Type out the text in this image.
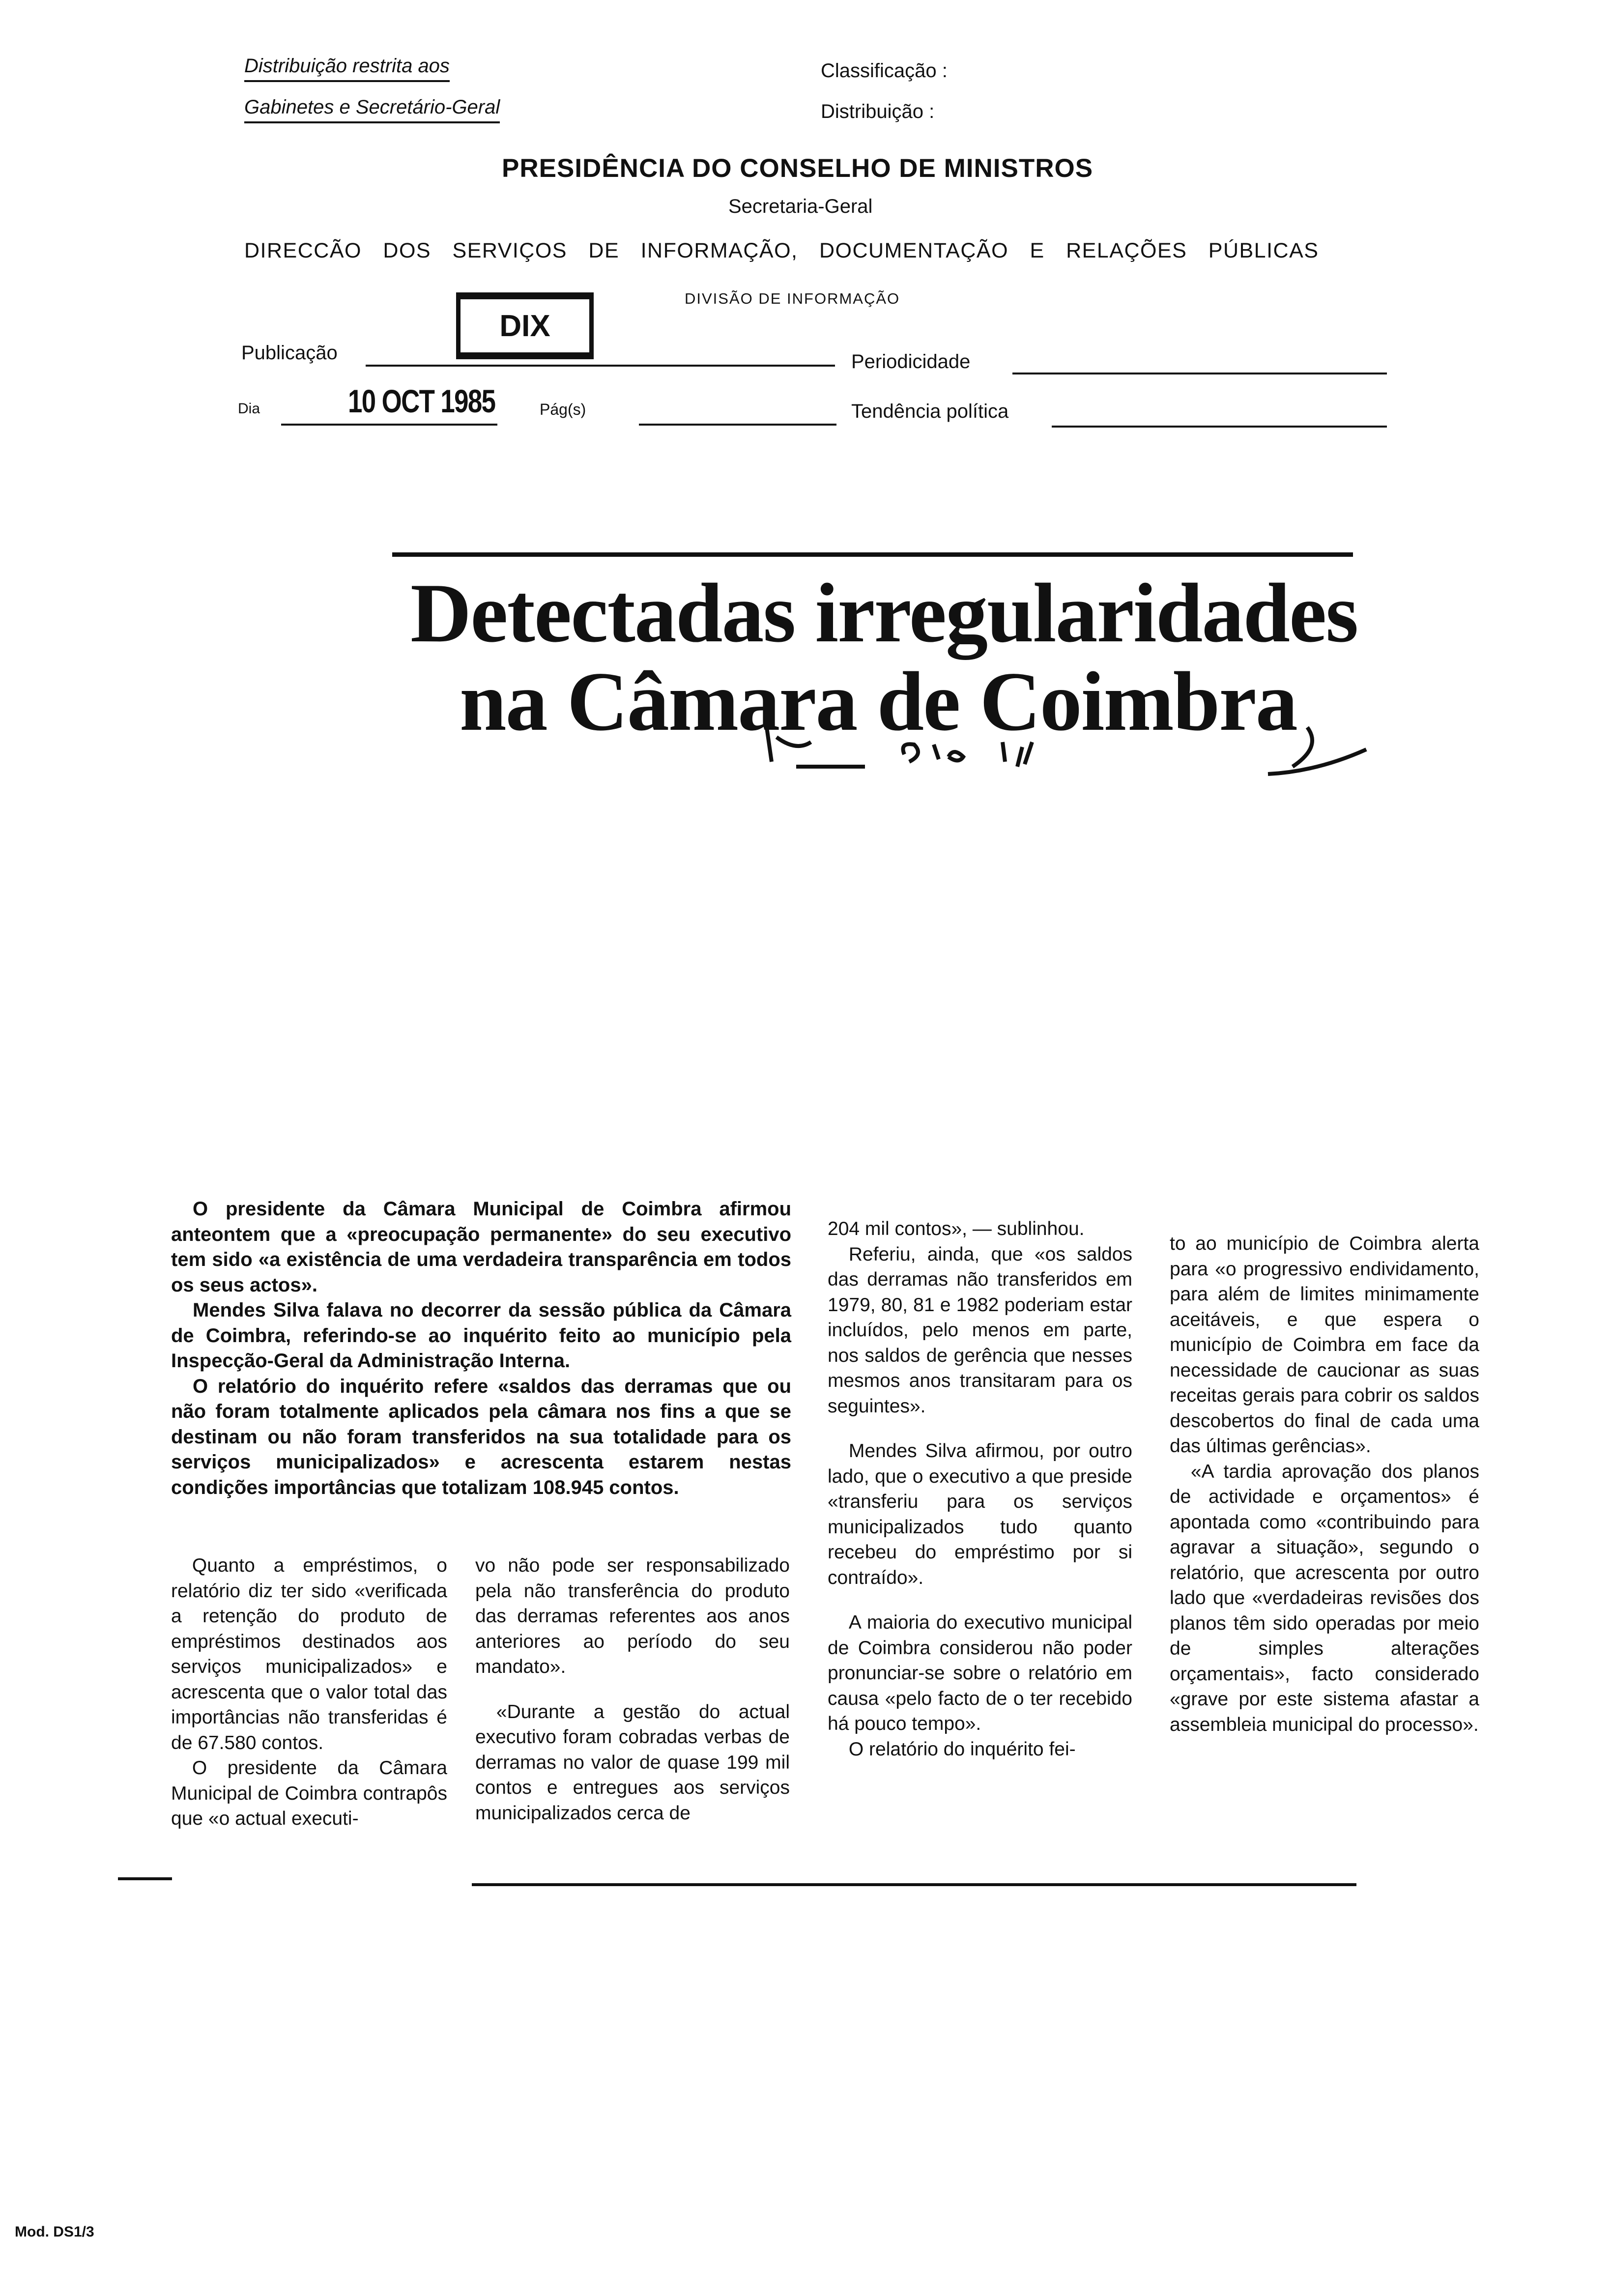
Distribuição restrita aos
Gabinetes e Secretário-Geral
Classificação :
Distribuição :
PRESIDÊNCIA DO CONSELHO DE MINISTROS
Secretaria-Geral
DIRECCÃO DOS SERVIÇOS DE INFORMAÇÃO, DOCUMENTAÇÃO E RELAÇÕES PÚBLICAS
DIX
DIVISÃO DE INFORMAÇÃO
Publicação	Periodicidade
Dia	10 OCT 1985	Pág(s)	Tendência política
Detectadas irregularidades
na Câmara de Coimbra

O presidente da Câmara Municipal de Coimbra afirmou anteontem que a «preocupação permanente» do seu executivo tem sido «a existência de uma verdadeira transparência em todos os seus actos».

Mendes Silva falava no decorrer da sessão pública da Câmara de Coimbra, referindo-se ao inquérito feito ao município pela Inspecção-Geral da Administração Interna.

O relatório do inquérito refere «saldos das derramas que ou não foram totalmente aplicados pela câmara nos fins a que se destinam ou não foram transferidos na sua totalidade para os serviços municipalizados» e acrescenta estarem nestas condições importâncias que totalizam 108.945 contos.

Quanto a empréstimos, o relatório diz ter sido «verificada a retenção do produto de empréstimos destinados aos serviços municipalizados» e acrescenta que o valor total das importâncias não transferidas é de 67.580 contos.

O presidente da Câmara Municipal de Coimbra contrapôs que «o actual executi-

vo não pode ser responsabilizado pela não transferência do produto das derramas referentes aos anos anteriores ao período do seu mandato».

«Durante a gestão do actual executivo foram cobradas verbas de derramas no valor de quase 199 mil contos e entregues aos serviços municipalizados cerca de

204 mil contos», — sublinhou.

Referiu, ainda, que «os saldos das derramas não transferidos em 1979, 80, 81 e 1982 poderiam estar incluídos, pelo menos em parte, nos saldos de gerência que nesses mesmos anos transitaram para os seguintes».

Mendes Silva afirmou, por outro lado, que o executivo a que preside «transferiu para os serviços municipalizados tudo quanto recebeu do empréstimo por si contraído».

A maioria do executivo municipal de Coimbra considerou não poder pronunciar-se sobre o relatório em causa «pelo facto de o ter recebido há pouco tempo».

O relatório do inquérito fei-

to ao município de Coimbra alerta para «o progressivo endividamento, para além de limites minimamente aceitáveis, e que espera o município de Coimbra em face da necessidade de caucionar as suas receitas gerais para cobrir os saldos descobertos do final de cada uma das últimas gerências».

«A tardia aprovação dos planos de actividade e orçamentos» é apontada como «contribuindo para agravar a situação», segundo o relatório, que acrescenta por outro lado que «verdadeiras revisões dos planos têm sido operadas por meio de simples alterações orçamentais», facto considerado «grave por este sistema afastar a assembleia municipal do processo».

Mod. DS1/3
